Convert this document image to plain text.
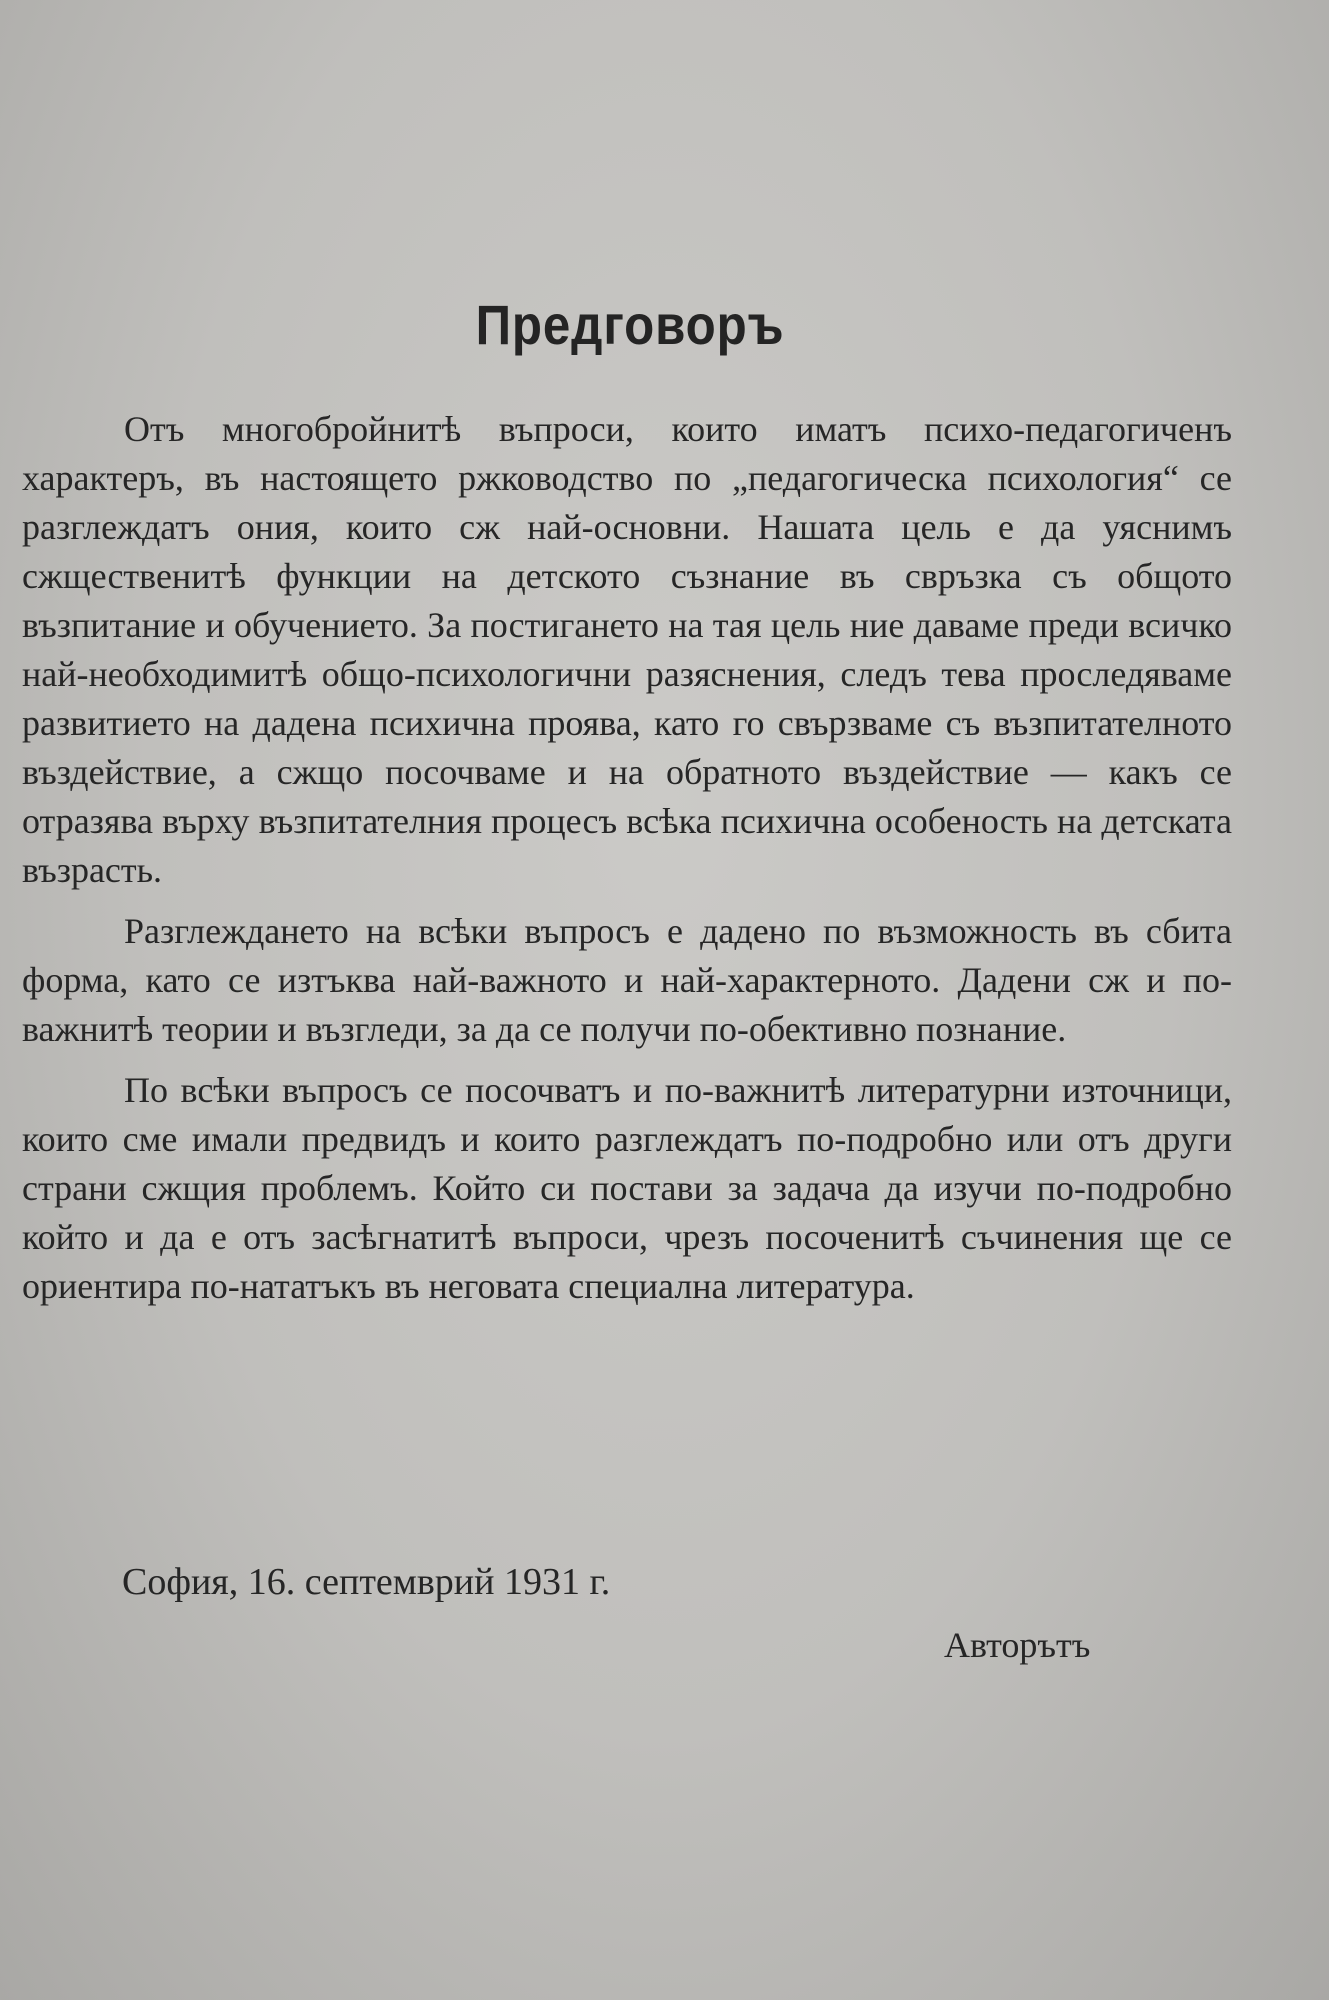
Предговоръ

Отъ многобройнитѣ въпроси, които иматъ психо-педагогиченъ характеръ, въ настоящето ржководство по „педагогическа психология“ се разглеждатъ ония, които сж най-основни. Нашата цель е да уяснимъ сжщественитѣ функции на детското съзнание въ свръзка съ общото възпитание и обучението. За постигането на тая цель ние даваме преди всичко най-необходимитѣ общо-психологични разяснения, следъ тева проследяваме развитието на дадена психична проява, като го свързваме съ възпитателното въздействие, а сжщо посочваме и на обратното въздействие — какъ се отразява върху възпитателния процесъ всѣка психична особеность на детската възрасть.

Разглеждането на всѣки въпросъ е дадено по възможность въ сбита форма, като се изтъква най-важното и най-характерното. Дадени сж и по-важнитѣ теории и възгледи, за да се получи по-обективно познание.

По всѣки въпросъ се посочватъ и по-важнитѣ литературни източници, които сме имали предвидъ и които разглеждатъ по-подробно или отъ други страни сжщия проблемъ. Който си постави за задача да изучи по-подробно който и да е отъ засѣгнатитѣ въпроси, чрезъ посоченитѣ съчинения ще се ориентира по-нататъкъ въ неговата специална литература.

София, 16. септемврий 1931 г.
Авторътъ
